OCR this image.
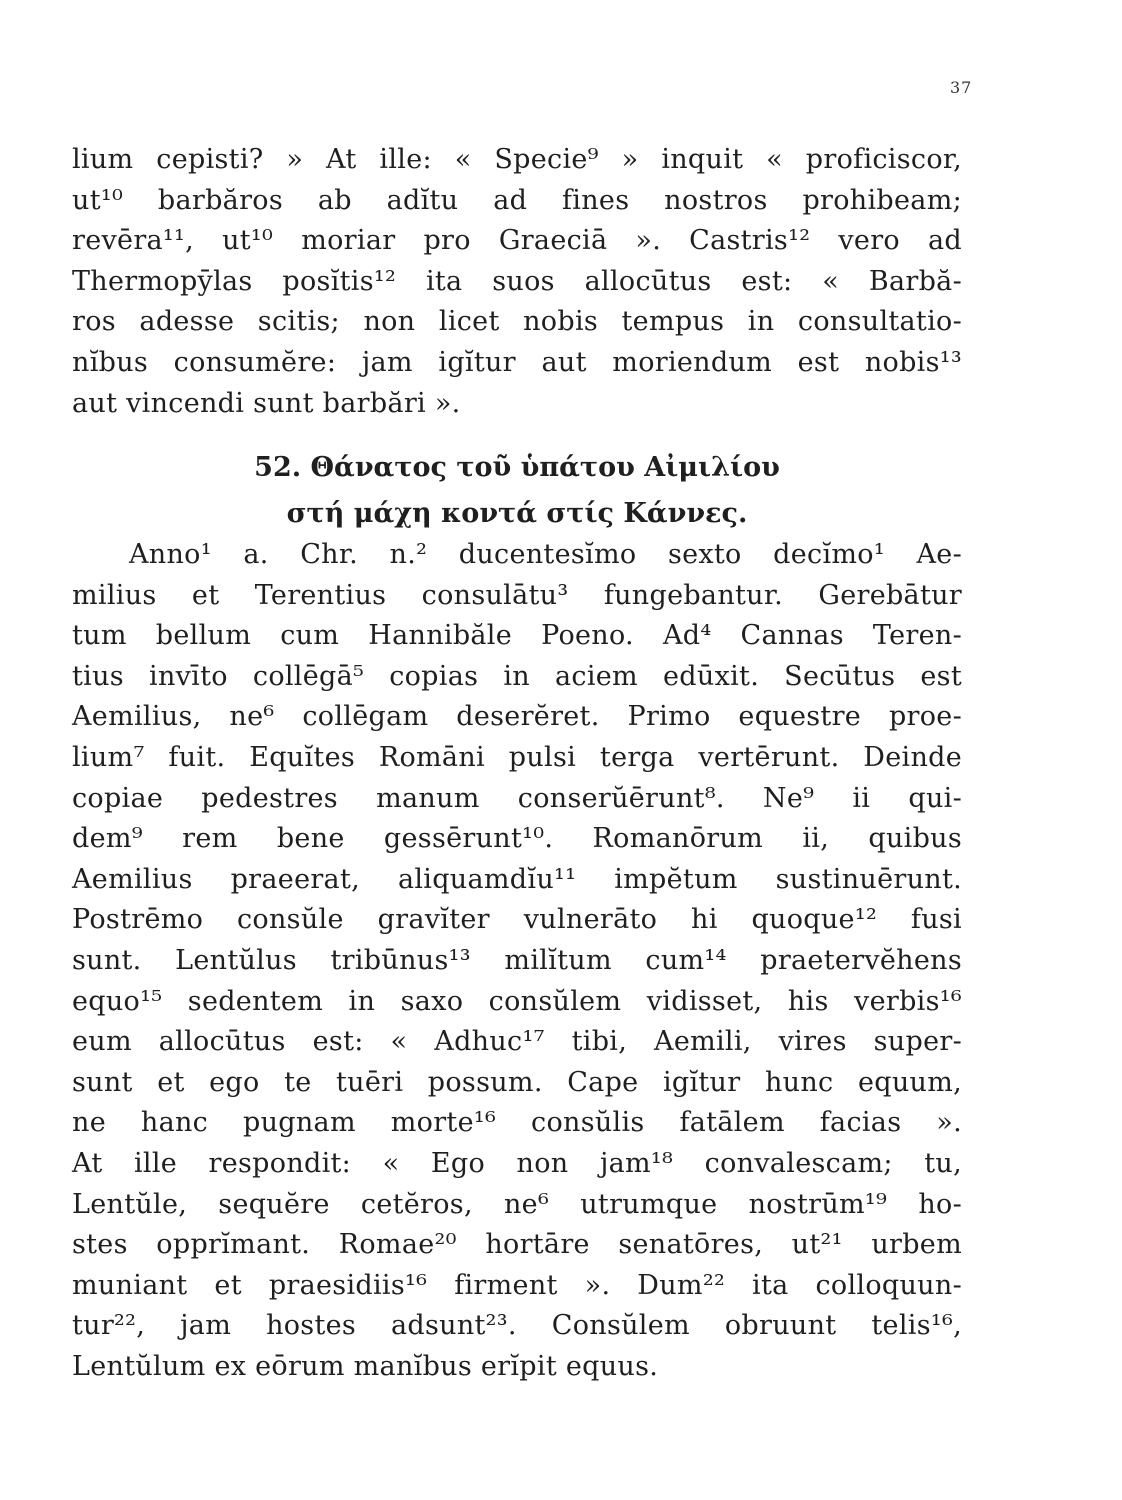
37
lium cepisti? » At ille: « Specie⁹ » inquit « proficiscor,
ut¹⁰ barbăros ab adĭtu ad fines nostros prohibeam;
revēra¹¹, ut¹⁰ moriar pro Graeciā ». Castris¹² vero ad
Thermopȳlas posĭtis¹² ita suos allocūtus est: « Barbă-
ros adesse scitis; non licet nobis tempus in consultatio-
nĭbus consumĕre: jam igĭtur aut moriendum est nobis¹³
aut vincendi sunt barbări ».
52. Θάνατος τοῦ ὑπάτου Αἰμιλίου
στή μάχη κοντά στίς Κάννες.
Anno¹ a. Chr. n.² ducentesĭmo sexto decĭmo¹ Ae-
milius et Terentius consulātu³ fungebantur. Gerebātur
tum bellum cum Hannibăle Poeno. Ad⁴ Cannas Teren-
tius invīto collēgā⁵ copias in aciem edūxit. Secūtus est
Aemilius, ne⁶ collēgam deserĕret. Primo equestre proe-
lium⁷ fuit. Equĭtes Romāni pulsi terga vertērunt. Deinde
copiae pedestres manum conserŭērunt⁸. Ne⁹ ii qui-
dem⁹ rem bene gessērunt¹⁰. Romanōrum ii, quibus
Aemilius praeerat, aliquamdĭu¹¹ impĕtum sustinuērunt.
Postrēmo consŭle gravĭter vulnerāto hi quoque¹² fusi
sunt. Lentŭlus tribūnus¹³ milĭtum cum¹⁴ praetervĕhens
equo¹⁵ sedentem in saxo consŭlem vidisset, his verbis¹⁶
eum allocūtus est: « Adhuc¹⁷ tibi, Aemili, vires super-
sunt et ego te tuēri possum. Cape igĭtur hunc equum,
ne hanc pugnam morte¹⁶ consŭlis fatālem facias ».
At ille respondit: « Ego non jam¹⁸ convalescam; tu,
Lentŭle, sequĕre cetĕros, ne⁶ utrumque nostrūm¹⁹ ho-
stes opprĭmant. Romae²⁰ hortāre senatōres, ut²¹ urbem
muniant et praesidiis¹⁶ firment ». Dum²² ita colloquun-
tur²², jam hostes adsunt²³. Consŭlem obruunt telis¹⁶,
Lentŭlum ex eōrum manĭbus erĭpit equus.
